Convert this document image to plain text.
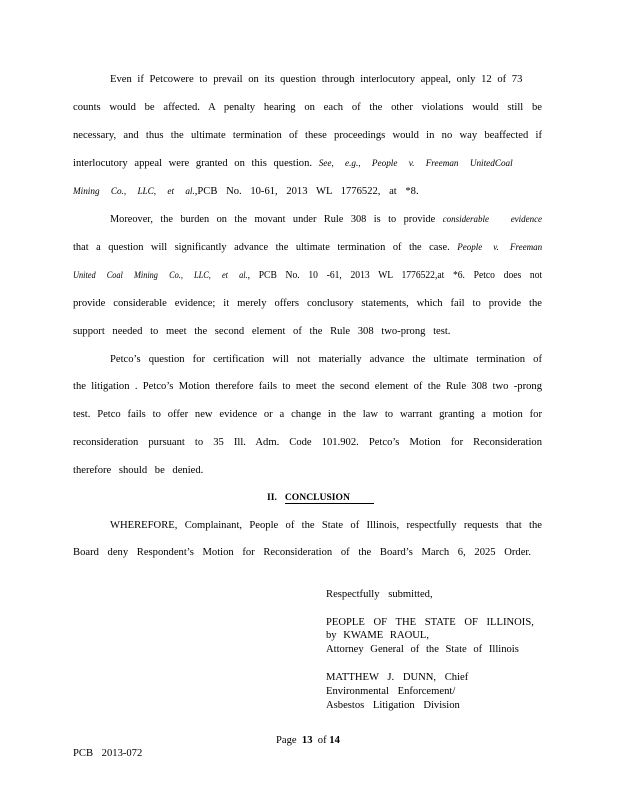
Even if Petcowere to prevail on its question through interlocutory appeal, only 12 of 73
counts would be affected. A penalty hearing on each of the other violations would still be
necessary, and thus the ultimate termination of these proceedings would in no way beaffected if
interlocutory appeal were granted on this question. See, e.g., People v. Freeman UnitedCoal
Mining Co., LLC, et al.,PCB No. 10-61, 2013 WL 1776522, at *8.
Moreover, the burden on the movant under Rule 308 is to provide considerable evidence
that a question will significantly advance the ultimate termination of the case. People v. Freeman
United Coal Mining Co., LLC, et al., PCB No. 10 -61, 2013 WL 1776522,at *6. Petco does not
provide considerable evidence; it merely offers conclusory statements, which fail to provide the
support needed to meet the second element of the Rule 308 two-prong test.
Petco’s question for certification will not materially advance the ultimate termination of
the litigation . Petco’s Motion therefore fails to meet the second element of the Rule 308 two -prong
test. Petco fails to offer new evidence or a change in the law to warrant granting a motion for
reconsideration pursuant to 35 Ill. Adm. Code 101.902. Petco’s Motion for Reconsideration
therefore should be denied.
II. CONCLUSION
WHEREFORE, Complainant, People of the State of Illinois, respectfully requests that the
Board deny Respondent’s Motion for Reconsideration of the Board’s March 6, 2025 Order.
Respectfully submitted,
PEOPLE OF THE STATE OF ILLINOIS,
by KWAME RAOUL,
Attorney General of the State of Illinois
MATTHEW J. DUNN, Chief
Environmental Enforcement/
Asbestos Litigation Division
Page 13 of 14
PCB 2013-072
